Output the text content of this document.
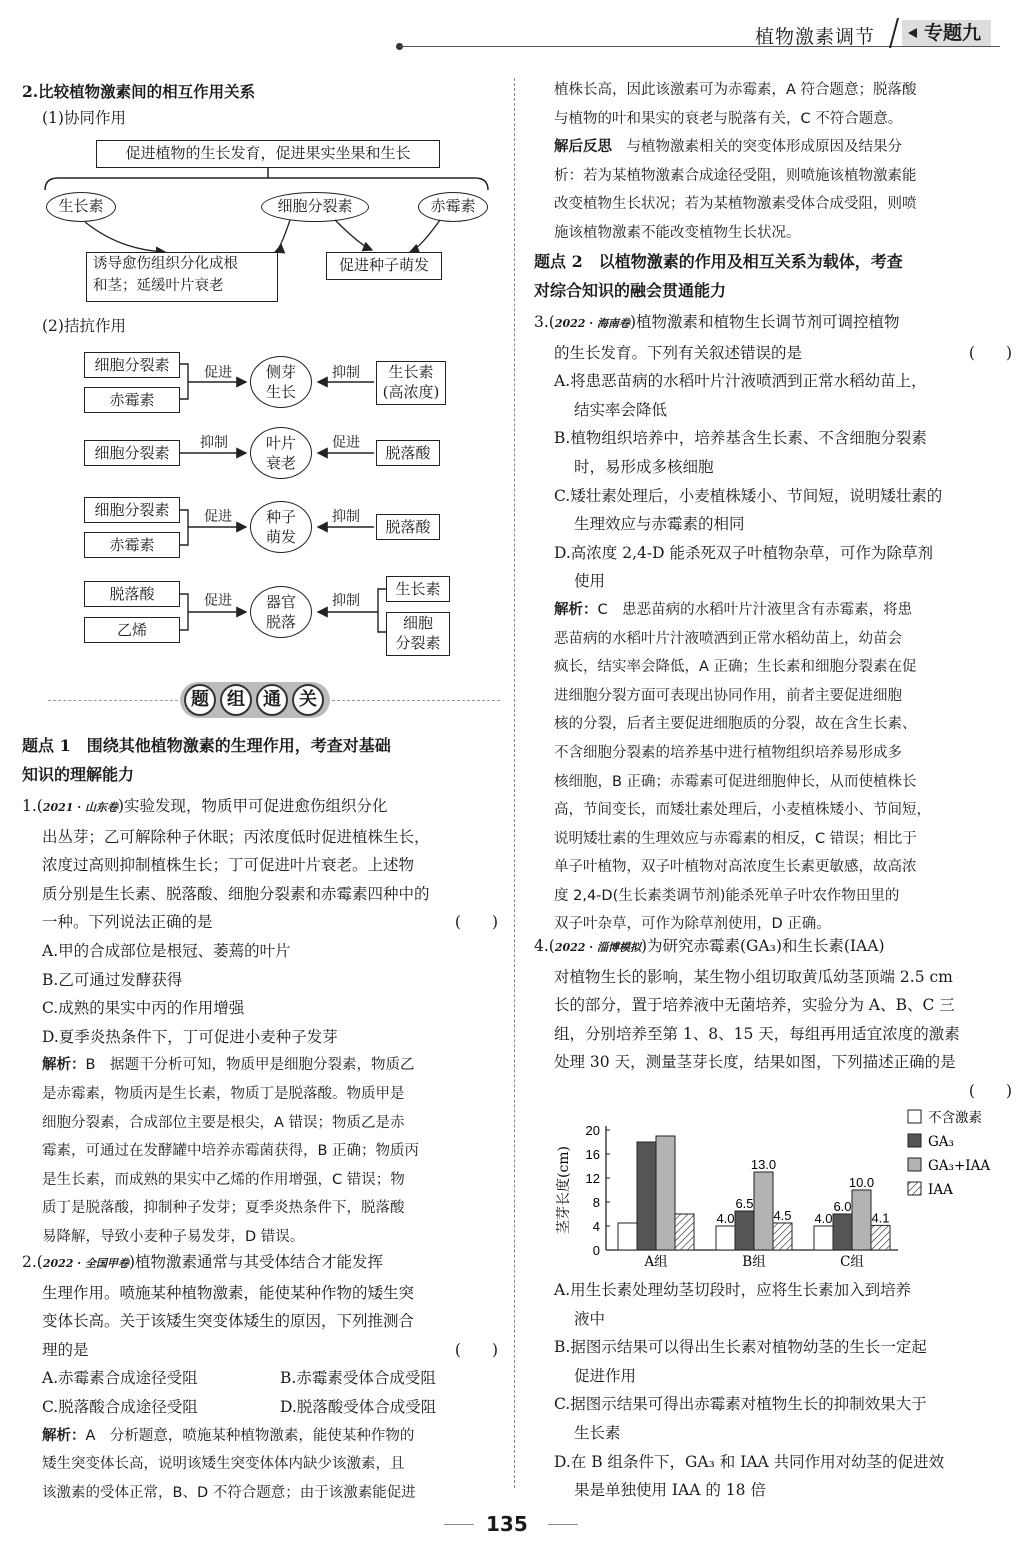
植物激素调节	专题九
2.比较植物激素间的相互作用关系
(1)协同作用
促进植物的生长发育，促进果实坐果和生长
生长素	细胞分裂素	赤霉素
诱导愈伤组织分化成根
和茎；延缓叶片衰老
促进种子萌发
(2)拮抗作用
细胞分裂素
赤霉素
促进 侧芽
生长
抑制	生长素
(高浓度)
细胞分裂素
抑制	叶片
衰老
促进
脱落酸
细胞分裂素
赤霉素
促进 种子
萌发
抑制
脱落酸
脱落酸
乙烯
促进 器官
脱落
抑制
生长素
细胞
分裂素
题	组	通	关
题点 1　围绕其他植物激素的生理作用，考查对基础
知识的理解能力
1.(2021 · 山东卷)实验发现，物质甲可促进愈伤组织分化
出丛芽；乙可解除种子休眠；丙浓度低时促进植株生长，
浓度过高则抑制植株生长；丁可促进叶片衰老。上述物
质分别是生长素、脱落酸、细胞分裂素和赤霉素四种中的
一种。下列说法正确的是	(　　)
A.甲的合成部位是根冠、萎蔫的叶片
B.乙可通过发酵获得
C.成熟的果实中丙的作用增强
D.夏季炎热条件下，丁可促进小麦种子发芽
解析：B　据题干分析可知，物质甲是细胞分裂素，物质乙
是赤霉素，物质丙是生长素，物质丁是脱落酸。物质甲是
细胞分裂素，合成部位主要是根尖，A 错误；物质乙是赤
霉素，可通过在发酵罐中培养赤霉菌获得，B 正确；物质丙
是生长素，而成熟的果实中乙烯的作用增强，C 错误；物
质丁是脱落酸，抑制种子发芽；夏季炎热条件下，脱落酸
易降解，导致小麦种子易发芽，D 错误。
2.(2022 · 全国甲卷)植物激素通常与其受体结合才能发挥
生理作用。喷施某种植物激素，能使某种作物的矮生突
变体长高。关于该矮生突变体矮生的原因，下列推测合
理的是	(　　)
A.赤霉素合成途径受阻	B.赤霉素受体合成受阻
C.脱落酸合成途径受阻	D.脱落酸受体合成受阻
解析：A　分析题意，喷施某种植物激素，能使某种作物的
矮生突变体长高，说明该矮生突变体体内缺少该激素，且
该激素的受体正常，B、D 不符合题意；由于该激素能促进
植株长高，因此该激素可为赤霉素，A 符合题意；脱落酸
与植物的叶和果实的衰老与脱落有关，C 不符合题意。
解后反思　与植物激素相关的突变体形成原因及结果分
析：若为某植物激素合成途径受阻，则喷施该植物激素能
改变植物生长状况；若为某植物激素受体合成受阻，则喷
施该植物激素不能改变植物生长状况。
题点 2　以植物激素的作用及相互关系为载体，考查
对综合知识的融会贯通能力
3.(2022 · 海南卷)植物激素和植物生长调节剂可调控植物
的生长发育。下列有关叙述错误的是	(　　)
A.将患恶苗病的水稻叶片汁液喷洒到正常水稻幼苗上，
结实率会降低
B.植物组织培养中，培养基含生长素、不含细胞分裂素
时，易形成多核细胞
C.矮壮素处理后，小麦植株矮小、节间短，说明矮壮素的
生理效应与赤霉素的相同
D.高浓度 2,4-D 能杀死双子叶植物杂草，可作为除草剂
使用
解析：C　患恶苗病的水稻叶片汁液里含有赤霉素，将患
恶苗病的水稻叶片汁液喷洒到正常水稻幼苗上，幼苗会
疯长，结实率会降低，A 正确；生长素和细胞分裂素在促
进细胞分裂方面可表现出协同作用，前者主要促进细胞
核的分裂，后者主要促进细胞质的分裂，故在含生长素、
不含细胞分裂素的培养基中进行植物组织培养易形成多
核细胞，B 正确；赤霉素可促进细胞伸长，从而使植株长
高，节间变长，而矮壮素处理后，小麦植株矮小、节间短，
说明矮壮素的生理效应与赤霉素的相反，C 错误；相比于
单子叶植物，双子叶植物对高浓度生长素更敏感，故高浓
度 2,4-D(生长素类调节剂)能杀死单子叶农作物田里的
双子叶杂草，可作为除草剂使用，D 正确。
4.(2022 · 淄博模拟)为研究赤霉素(GA₃)和生长素(IAA)
对植物生长的影响，某生物小组切取黄瓜幼茎顶端 2.5 cm
长的部分，置于培养液中无菌培养，实验分为 A、B、C 三
组，分别培养至第 1、8、15 天，每组再用适宜浓度的激素
处理 30 天，测量茎芽长度，结果如图，下列描述正确的是
(　　)
0
4
8
12
16
20
茎芽长度(cm)
A组
4.0
6.5
13.0
4.5
B组
4.0
6.0
10.0
4.1
C组
不含激素
GA₃
GA₃+IAA
IAA
A.用生长素处理幼茎切段时，应将生长素加入到培养
液中
B.据图示结果可以得出生长素对植物幼茎的生长一定起
促进作用
C.据图示结果可得出赤霉素对植物生长的抑制效果大于
生长素
D.在 B 组条件下，GA₃ 和 IAA 共同作用对幼茎的促进效
果是单独使用 IAA 的 18 倍
135
